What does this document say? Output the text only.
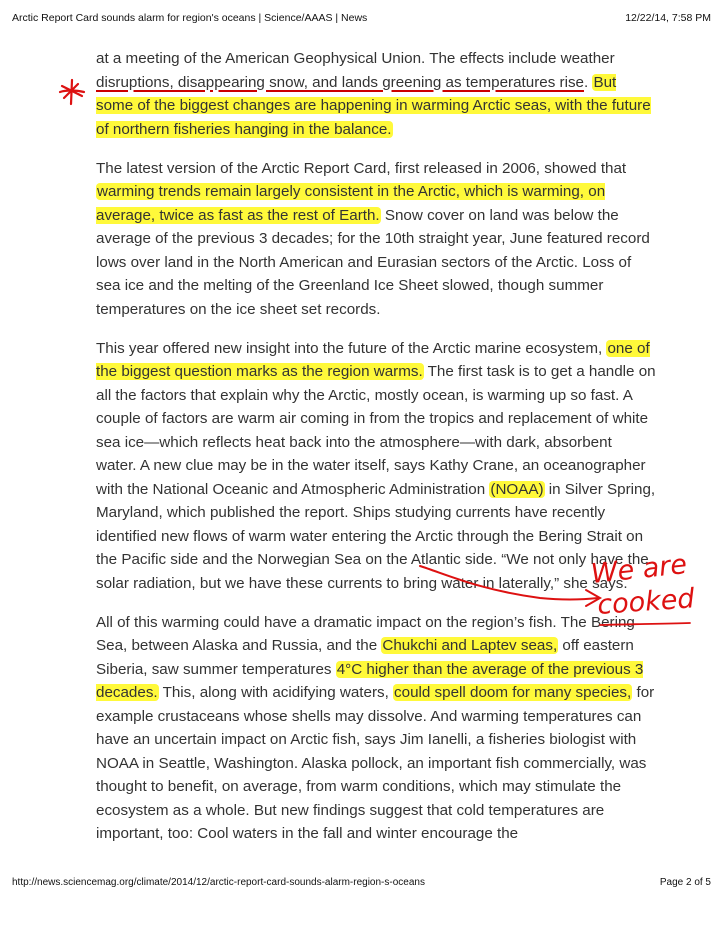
Arctic Report Card sounds alarm for region's oceans | Science/AAAS | News	12/22/14, 7:58 PM

at a meeting of the American Geophysical Union. The effects include weather disruptions, disappearing snow, and lands greening as temperatures rise. But some of the biggest changes are happening in warming Arctic seas, with the future of northern fisheries hanging in the balance.

The latest version of the Arctic Report Card, first released in 2006, showed that warming trends remain largely consistent in the Arctic, which is warming, on average, twice as fast as the rest of Earth. Snow cover on land was below the average of the previous 3 decades; for the 10th straight year, June featured record lows over land in the North American and Eurasian sectors of the Arctic. Loss of sea ice and the melting of the Greenland Ice Sheet slowed, though summer temperatures on the ice sheet set records.

This year offered new insight into the future of the Arctic marine ecosystem, one of the biggest question marks as the region warms. The first task is to get a handle on all the factors that explain why the Arctic, mostly ocean, is warming up so fast. A couple of factors are warm air coming in from the tropics and replacement of white sea ice—which reflects heat back into the atmosphere—with dark, absorbent water. A new clue may be in the water itself, says Kathy Crane, an oceanographer with the National Oceanic and Atmospheric Administration (NOAA) in Silver Spring, Maryland, which published the report. Ships studying currents have recently identified new flows of warm water entering the Arctic through the Bering Strait on the Pacific side and the Norwegian Sea on the Atlantic side. “We not only have the solar radiation, but we have these currents to bring water in laterally,” she says.

All of this warming could have a dramatic impact on the region’s fish. The Bering Sea, between Alaska and Russia, and the Chukchi and Laptev seas, off eastern Siberia, saw summer temperatures 4°C higher than the average of the previous 3 decades. This, along with acidifying waters, could spell doom for many species, for example crustaceans whose shells may dissolve. And warming temperatures can have an uncertain impact on Arctic fish, says Jim Ianelli, a fisheries biologist with NOAA in Seattle, Washington. Alaska pollock, an important fish commercially, was thought to benefit, on average, from warm conditions, which may stimulate the ecosystem as a whole. But new findings suggest that cold temperatures are important, too: Cool waters in the fall and winter encourage the

We are
cooked
http://news.sciencemag.org/climate/2014/12/arctic-report-card-sounds-alarm-region-s-oceans	Page 2 of 5
